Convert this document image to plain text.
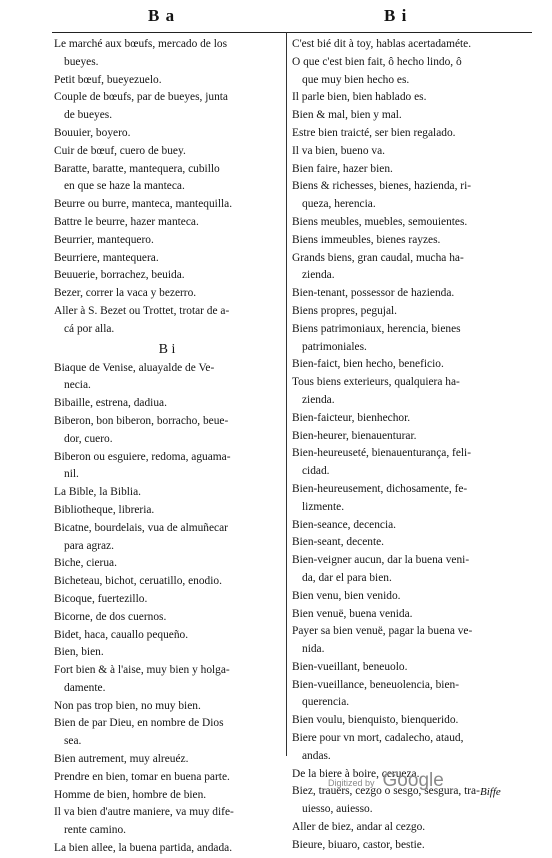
B a	B i
Le marché aux bœufs, mercado de los
bueyes.
Petit bœuf, bueyezuelo.
Couple de bœufs, par de bueyes, junta
de bueyes.
Bouuier, boyero.
Cuir de bœuf, cuero de buey.
Baratte, baratte, mantequera, cubillo
en que se haze la manteca.
Beurre ou burre, manteca, mantequilla.
Battre le beurre, hazer manteca.
Beurrier, mantequero.
Beurriere, mantequera.
Beuuerie, borrachez, beuida.
Bezer, correr la vaca y bezerro.
Aller à S. Bezet ou Trottet, trotar de a-
cá por alla.
B i
Biaque de Venise, aluayalde de Ve-
necia.
Bibaille, estrena, dadiua.
Biberon, bon biberon, borracho, beue-
dor, cuero.
Biberon ou esguiere, redoma, aguama-
nil.
La Bible, la Biblia.
Bibliotheque, libreria.
Bicatne, bourdelais, vua de almuñecar
para agraz.
Biche, cierua.
Bicheteau, bichot, ceruatillo, enodio.
Bicoque, fuertezillo.
Bicorne, de dos cuernos.
Bidet, haca, cauallo pequeño.
Bien, bien.
Fort bien & à l'aise, muy bien y holga-
damente.
Non pas trop bien, no muy bien.
Bien de par Dieu, en nombre de Dios
sea.
Bien autrement, muy alreuéz.
Prendre en bien, tomar en buena parte.
Homme de bien, hombre de bien.
Il va bien d'autre maniere, va muy dife-
rente camino.
La bien allee, la buena partida, andada.
C'est bié dit à toy, hablas acertadaméte.
O que c'est bien fait, ô hecho lindo, ô
que muy bien hecho es.
Il parle bien, bien hablado es.
Bien & mal, bien y mal.
Estre bien traicté, ser bien regalado.
Il va bien, bueno va.
Bien faire, hazer bien.
Biens & richesses, bienes, hazienda, ri-
queza, herencia.
Biens meubles, muebles, semouientes.
Biens immeubles, bienes rayzes.
Grands biens, gran caudal, mucha ha-
zienda.
Bien-tenant, possessor de hazienda.
Biens propres, pegujal.
Biens patrimoniaux, herencia, bienes
patrimoniales.
Bien-faict, bien hecho, beneficio.
Tous biens exterieurs, qualquiera ha-
zienda.
Bien-faicteur, bienhechor.
Bien-heurer, bienauenturar.
Bien-heureuseté, bienauenturança, feli-
cidad.
Bien-heureusement, dichosamente, fe-
lizmente.
Bien-seance, decencia.
Bien-seant, decente.
Bien-veigner aucun, dar la buena veni-
da, dar el para bien.
Bien venu, bien venido.
Bien venuë, buena venida.
Payer sa bien venuë, pagar la buena ve-
nida.
Bien-vueillant, beneuolo.
Bien-vueillance, beneuolencia, bien-
querencia.
Bien voulu, bienquisto, bienquerido.
Biere pour vn mort, cadalecho, ataud,
andas.
De la biere à boire, cerueza.
Biez, trauers, cezgo o sesgo, sesgura, tra-
uiesso, auiesso.
Aller de biez, andar al cezgo.
Bieure, biuaro, castor, bestie.
Digitized by Google
Biffe
